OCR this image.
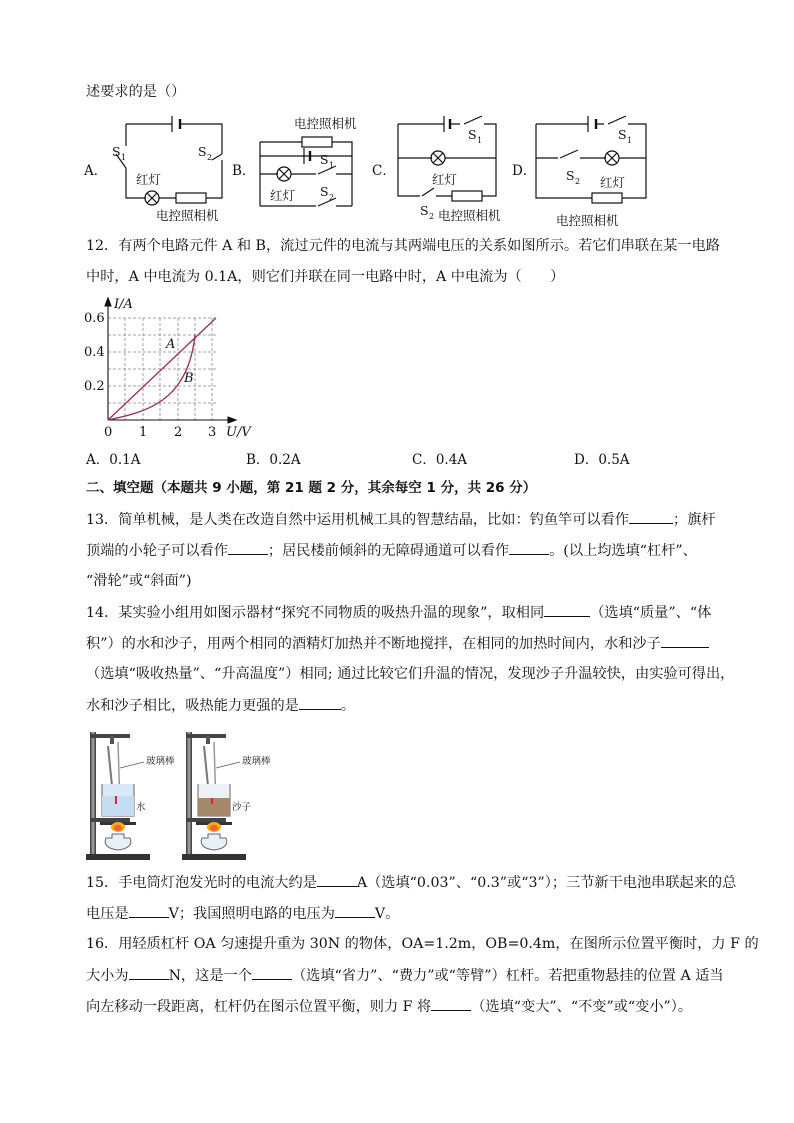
述要求的是（）
A．
S 1	S 2
红灯
电控照相机
B．
电控照相机
S 1
红灯 S 2
C．
S 1
红灯
S 2 电控照相机
D．
S 1
S 2 红灯
电控照相机
12．有两个电路元件 A 和 B，流过元件的电流与其两端电压的关系如图所示。若它们串联在某一电路
中时，A 中电流为 0.1A，则它们并联在同一电路中时，A 中电流为（　　）
I/A
U/V
0.6
0.4
0.2
0 1 2 3
A
B
A．0.1A	B．0.2A	C．0.4A	D．0.5A
二、填空题（本题共 9 小题，第 21 题 2 分，其余每空 1 分，共 26 分）
13．简单机械，是人类在改造自然中运用机械工具的智慧结晶，比如：钓鱼竿可以看作	；旗杆
顶端的小轮子可以看作	；居民楼前倾斜的无障碍通道可以看作	。(以上均选填“杠杆”、
“滑轮”或“斜面”)
14．某实验小组用如图示器材“探究不同物质的吸热升温的现象”，取相同	（选填“质量”、“体
积”）的水和沙子，用两个相同的酒精灯加热并不断地搅拌，在相同的加热时间内，水和沙子
（选填“吸收热量”、“升高温度”）相同; 通过比较它们升温的情况，发现沙子升温较快，由实验可得出，
水和沙子相比，吸热能力更强的是	。
玻璃棒
水
玻璃棒
沙子
15．手电筒灯泡发光时的电流大约是	A（选填“0.03”、“0.3”或“3”）；三节新干电池串联起来的总
电压是	V；我国照明电路的电压为	V。
16．用轻质杠杆 OA 匀速提升重为 30N 的物体，OA=1.2m，OB=0.4m，在图所示位置平衡时，力 F 的
大小为	N，这是一个	（选填“省力”、“费力”或“等臂”）杠杆。若把重物悬挂的位置 A 适当
向左移动一段距离，杠杆仍在图示位置平衡，则力 F 将	（选填“变大”、“不变”或“变小”）。
